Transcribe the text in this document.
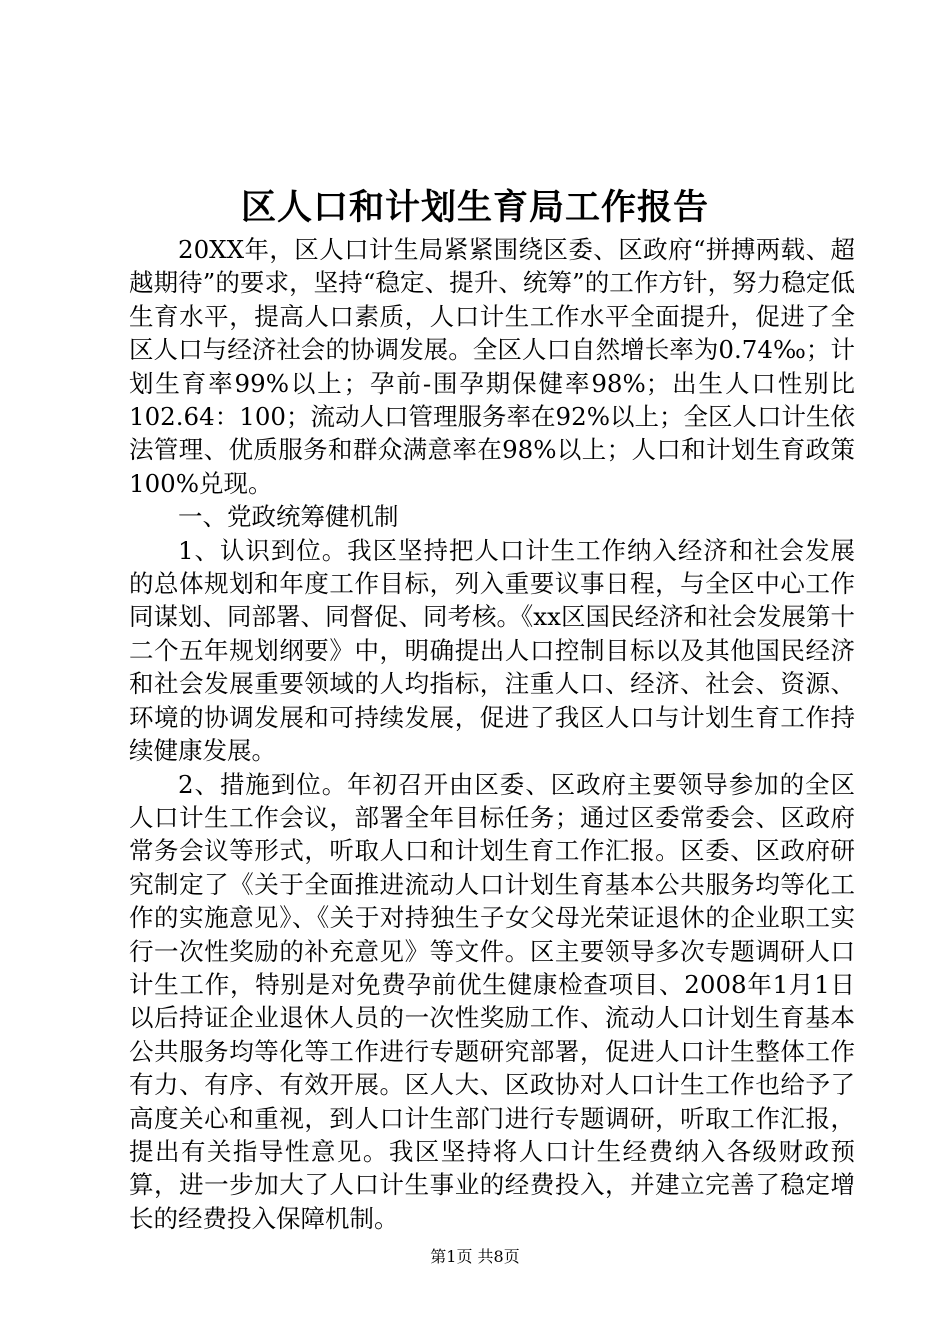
区人口和计划生育局工作报告

20XX年，区人口计生局紧紧围绕区委、区政府“拼搏两载、超越期待”的要求，坚持“稳定、提升、统筹”的工作方针，努力稳定低生育水平，提高人口素质，人口计生工作水平全面提升，促进了全区人口与经济社会的协调发展。全区人口自然增长率为0.74‰；计划生育率99%以上；孕前-围孕期保健率98%；出生人口性别比102.64：100；流动人口管理服务率在92%以上；全区人口计生依法管理、优质服务和群众满意率在98%以上；人口和计划生育政策100%兑现。

一、党政统筹健机制

1、认识到位。我区坚持把人口计生工作纳入经济和社会发展的总体规划和年度工作目标，列入重要议事日程，与全区中心工作同谋划、同部署、同督促、同考核。《xx区国民经济和社会发展第十二个五年规划纲要》中，明确提出人口控制目标以及其他国民经济和社会发展重要领域的人均指标，注重人口、经济、社会、资源、环境的协调发展和可持续发展，促进了我区人口与计划生育工作持续健康发展。

2、措施到位。年初召开由区委、区政府主要领导参加的全区人口计生工作会议，部署全年目标任务；通过区委常委会、区政府常务会议等形式，听取人口和计划生育工作汇报。区委、区政府研究制定了《关于全面推进流动人口计划生育基本公共服务均等化工作的实施意见》、《关于对持独生子女父母光荣证退休的企业职工实行一次性奖励的补充意见》等文件。区主要领导多次专题调研人口计生工作，特别是对免费孕前优生健康检查项目、2008年1月1日以后持证企业退休人员的一次性奖励工作、流动人口计划生育基本公共服务均等化等工作进行专题研究部署，促进人口计生整体工作有力、有序、有效开展。区人大、区政协对人口计生工作也给予了高度关心和重视，到人口计生部门进行专题调研，听取工作汇报，提出有关指导性意见。我区坚持将人口计生经费纳入各级财政预算，进一步加大了人口计生事业的经费投入，并建立完善了稳定增长的经费投入保障机制。

第1页 共8页
